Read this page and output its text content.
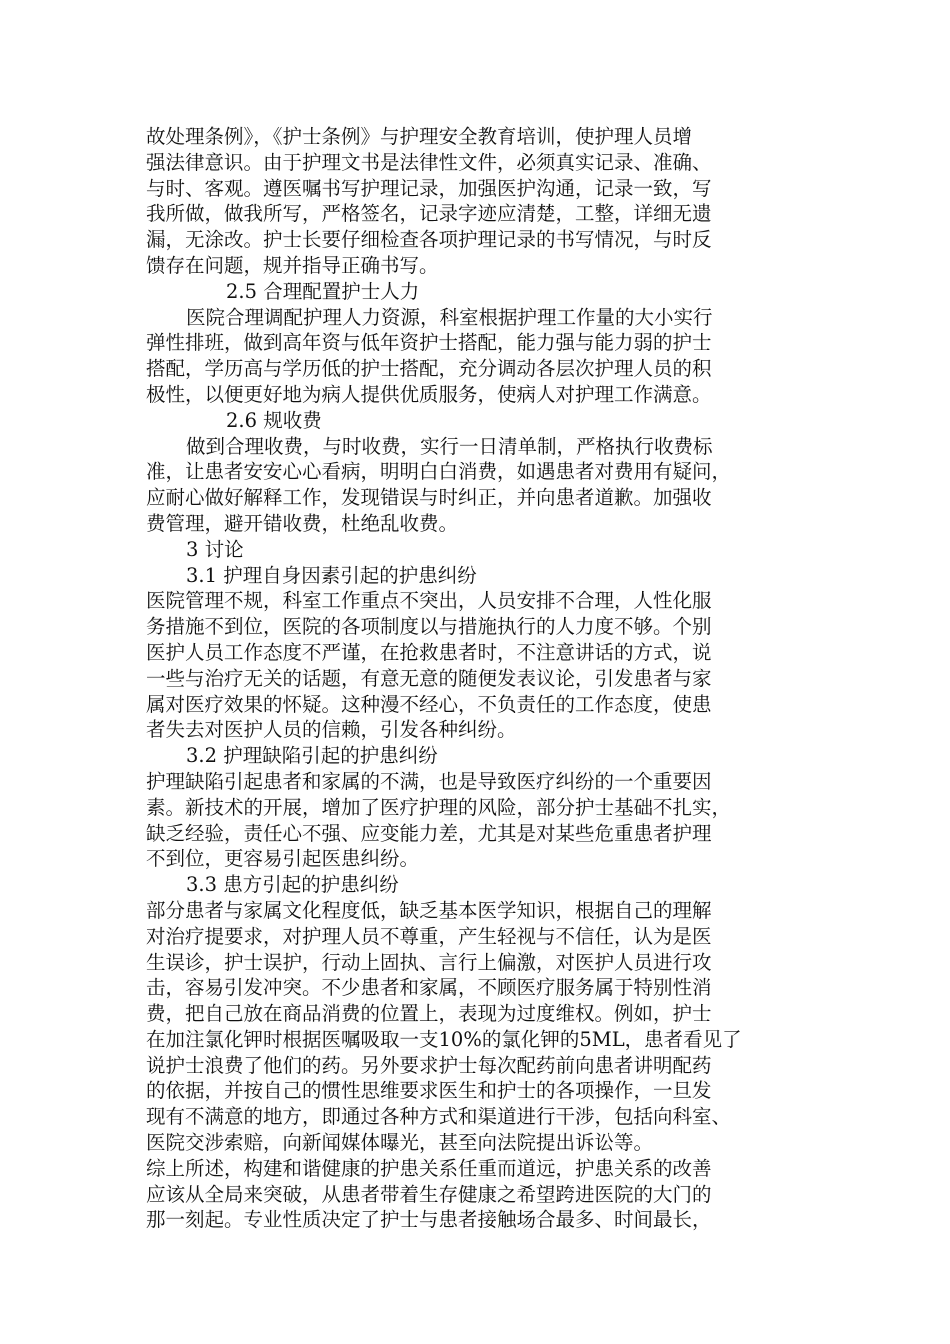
故处理条例》，《护士条例》与护理安全教育培训，使护理人员增
强法律意识。由于护理文书是法律性文件，必须真实记录、准确、
与时、客观。遵医嘱书写护理记录，加强医护沟通，记录一致，写
我所做，做我所写，严格签名，记录字迹应清楚，工整，详细无遗
漏，无涂改。护士长要仔细检查各项护理记录的书写情况，与时反
馈存在问题，规并指导正确书写。
2.5 合理配置护士人力
医院合理调配护理人力资源，科室根据护理工作量的大小实行
弹性排班，做到高年资与低年资护士搭配，能力强与能力弱的护士
搭配，学历高与学历低的护士搭配，充分调动各层次护理人员的积
极性，以便更好地为病人提供优质服务，使病人对护理工作满意。
2.6 规收费
做到合理收费，与时收费，实行一日清单制，严格执行收费标
准，让患者安安心心看病，明明白白消费，如遇患者对费用有疑问，
应耐心做好解释工作，发现错误与时纠正，并向患者道歉。加强收
费管理，避开错收费，杜绝乱收费。
3 讨论
3.1 护理自身因素引起的护患纠纷
医院管理不规，科室工作重点不突出，人员安排不合理，人性化服
务措施不到位，医院的各项制度以与措施执行的人力度不够。个别
医护人员工作态度不严谨，在抢救患者时，不注意讲话的方式，说
一些与治疗无关的话题，有意无意的随便发表议论，引发患者与家
属对医疗效果的怀疑。这种漫不经心，不负责任的工作态度，使患
者失去对医护人员的信赖，引发各种纠纷。
3.2 护理缺陷引起的护患纠纷
护理缺陷引起患者和家属的不满，也是导致医疗纠纷的一个重要因
素。新技术的开展，增加了医疗护理的风险，部分护士基础不扎实，
缺乏经验，责任心不强、应变能力差，尤其是对某些危重患者护理
不到位，更容易引起医患纠纷。
3.3 患方引起的护患纠纷
部分患者与家属文化程度低，缺乏基本医学知识，根据自己的理解
对治疗提要求，对护理人员不尊重，产生轻视与不信任，认为是医
生误诊，护士误护，行动上固执、言行上偏激，对医护人员进行攻
击，容易引发冲突。不少患者和家属，不顾医疗服务属于特别性消
费，把自己放在商品消费的位置上，表现为过度维权。例如，护士
在加注氯化钾时根据医嘱吸取一支10%的氯化钾的5ML，患者看见了
说护士浪费了他们的药。另外要求护士每次配药前向患者讲明配药
的依据，并按自己的惯性思维要求医生和护士的各项操作，一旦发
现有不满意的地方，即通过各种方式和渠道进行干涉，包括向科室、
医院交涉索赔，向新闻媒体曝光，甚至向法院提出诉讼等。
综上所述，构建和谐健康的护患关系任重而道远，护患关系的改善
应该从全局来突破，从患者带着生存健康之希望跨进医院的大门的
那一刻起。专业性质决定了护士与患者接触场合最多、时间最长，
